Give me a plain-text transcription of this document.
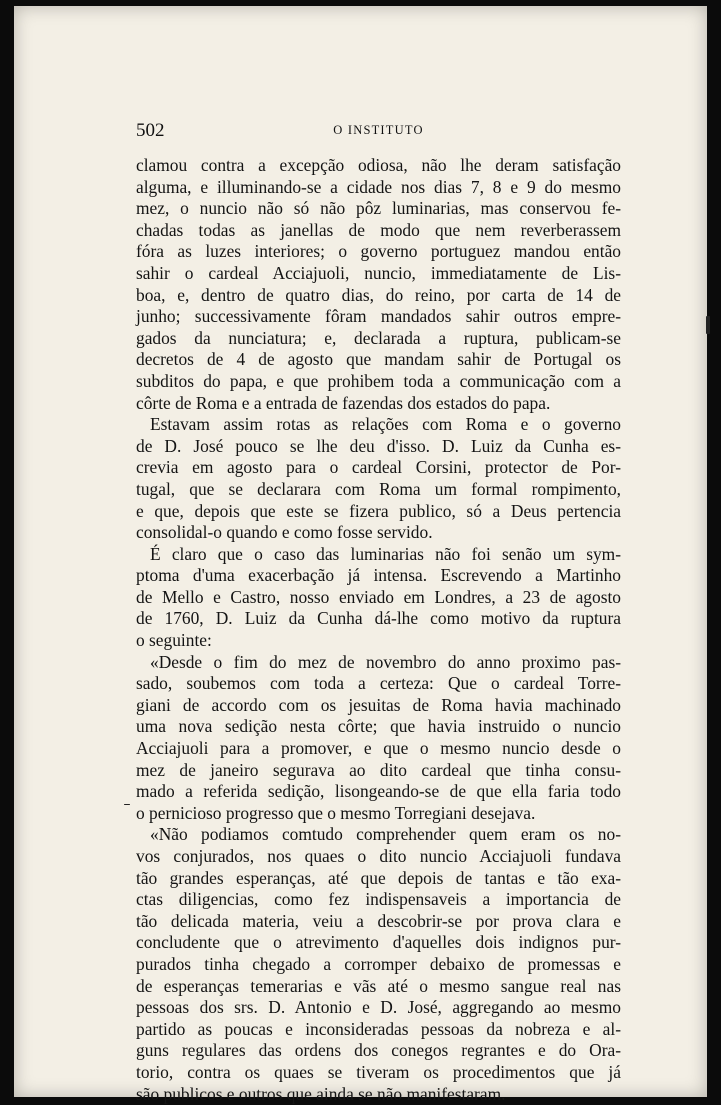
502	O INSTITUTO
clamou contra a excepção odiosa, não lhe deram satisfação
alguma, e illuminando-se a cidade nos dias 7, 8 e 9 do mesmo
mez, o nuncio não só não pôz luminarias, mas conservou fe-
chadas todas as janellas de modo que nem reverberassem
fóra as luzes interiores; o governo portuguez mandou então
sahir o cardeal Acciajuoli, nuncio, immediatamente de Lis-
boa, e, dentro de quatro dias, do reino, por carta de 14 de
junho; successivamente fôram mandados sahir outros empre-
gados da nunciatura; e, declarada a ruptura, publicam-se
decretos de 4 de agosto que mandam sahir de Portugal os
subditos do papa, e que prohibem toda a communicação com a
côrte de Roma e a entrada de fazendas dos estados do papa.
Estavam assim rotas as relações com Roma e o governo
de D. José pouco se lhe deu d'isso. D. Luiz da Cunha es-
crevia em agosto para o cardeal Corsini, protector de Por-
tugal, que se declarara com Roma um formal rompimento,
e que, depois que este se fizera publico, só a Deus pertencia
consolidal-o quando e como fosse servido.
É claro que o caso das luminarias não foi senão um sym-
ptoma d'uma exacerbação já intensa. Escrevendo a Martinho
de Mello e Castro, nosso enviado em Londres, a 23 de agosto
de 1760, D. Luiz da Cunha dá-lhe como motivo da ruptura
o seguinte:
«Desde o fim do mez de novembro do anno proximo pas-
sado, soubemos com toda a certeza: Que o cardeal Torre-
giani de accordo com os jesuitas de Roma havia machinado
uma nova sedição nesta côrte; que havia instruido o nuncio
Acciajuoli para a promover, e que o mesmo nuncio desde o
mez de janeiro segurava ao dito cardeal que tinha consu-
mado a referida sedição, lisongeando-se de que ella faria todo
o pernicioso progresso que o mesmo Torregiani desejava.
«Não podiamos comtudo comprehender quem eram os no-
vos conjurados, nos quaes o dito nuncio Acciajuoli fundava
tão grandes esperanças, até que depois de tantas e tão exa-
ctas diligencias, como fez indispensaveis a importancia de
tão delicada materia, veiu a descobrir-se por prova clara e
concludente que o atrevimento d'aquelles dois indignos pur-
purados tinha chegado a corromper debaixo de promessas e
de esperanças temerarias e vãs até o mesmo sangue real nas
pessoas dos srs. D. Antonio e D. José, aggregando ao mesmo
partido as poucas e inconsideradas pessoas da nobreza e al-
guns regulares das ordens dos conegos regrantes e do Ora-
torio, contra os quaes se tiveram os procedimentos que já
são publicos e outros que ainda se não manifestaram.
